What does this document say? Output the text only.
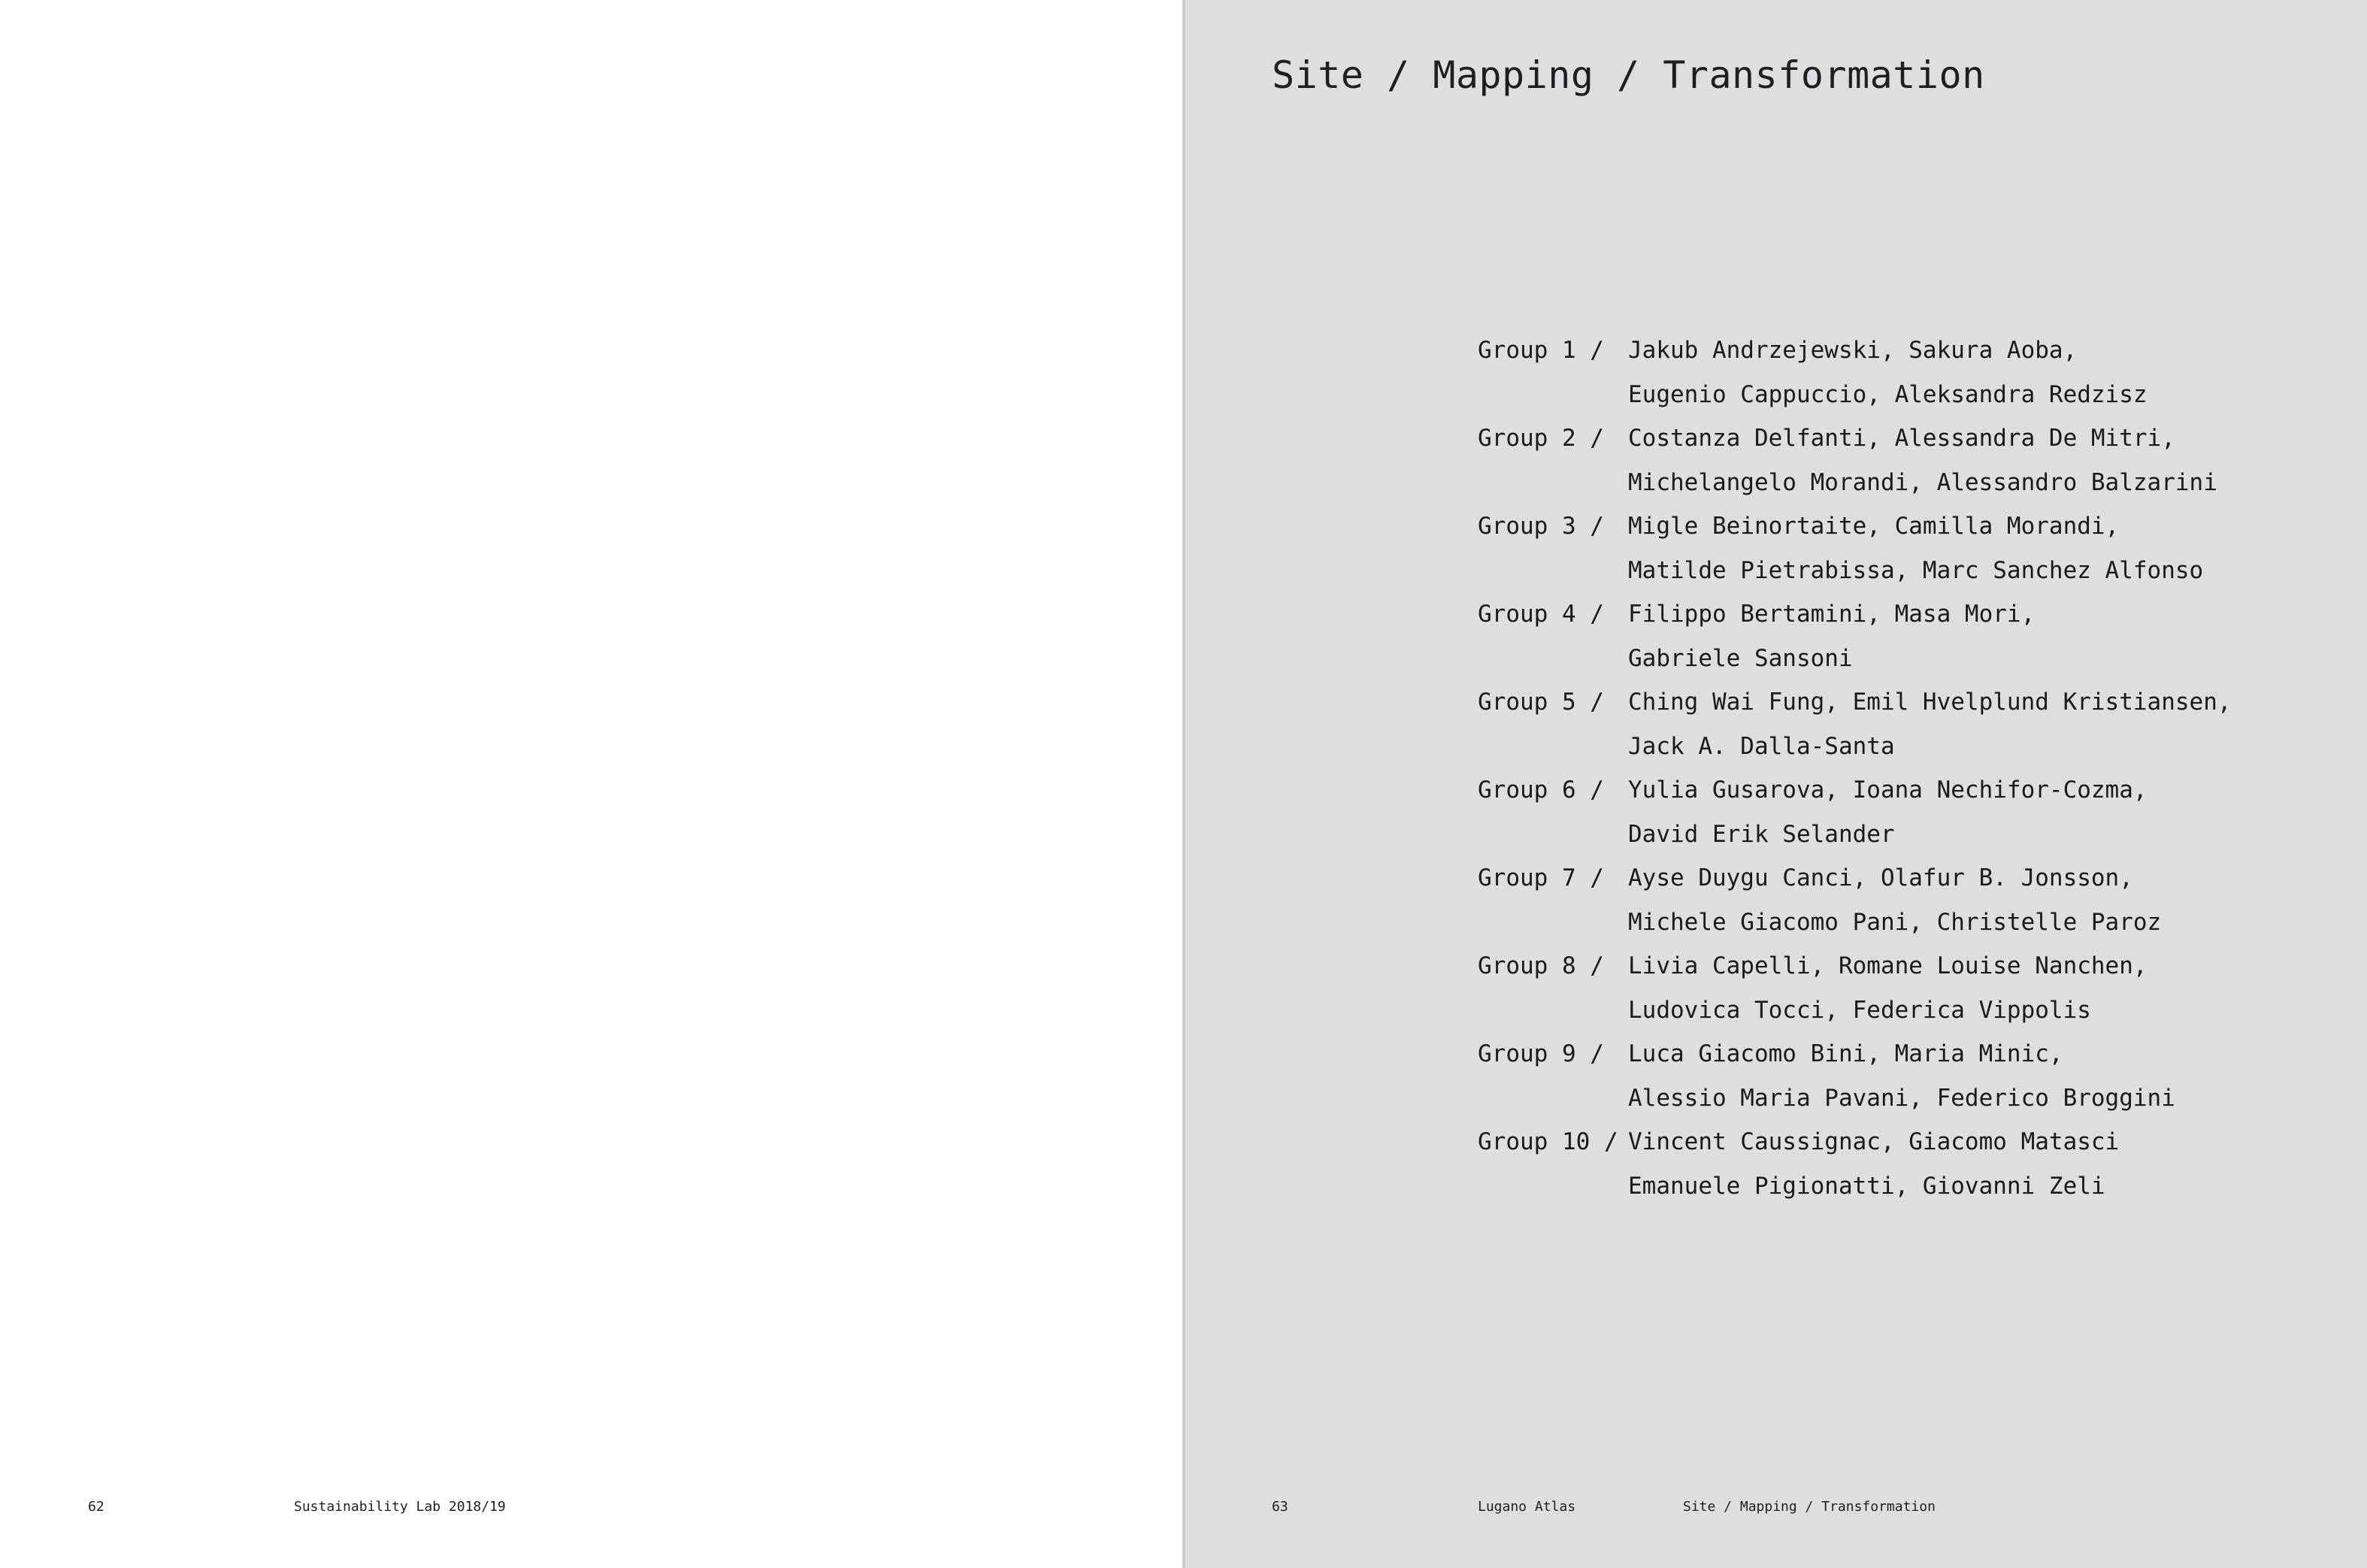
62	Sustainability Lab 2018/19
Site / Mapping / Transformation
Group 1 /	Jakub Andrzejewski, Sakura Aoba,
Eugenio Cappuccio, Aleksandra Redzisz
Group 2 /	Costanza Delfanti, Alessandra De Mitri,
Michelangelo Morandi, Alessandro Balzarini
Group 3 /	Migle Beinortaite, Camilla Morandi,
Matilde Pietrabissa, Marc Sanchez Alfonso
Group 4 /	Filippo Bertamini, Masa Mori,
Gabriele Sansoni
Group 5 /	Ching Wai Fung, Emil Hvelplund Kristiansen,
Jack A. Dalla-Santa
Group 6 /	Yulia Gusarova, Ioana Nechifor-Cozma,
David Erik Selander
Group 7 /	Ayse Duygu Canci, Olafur B. Jonsson,
Michele Giacomo Pani, Christelle Paroz
Group 8 /	Livia Capelli, Romane Louise Nanchen,
Ludovica Tocci, Federica Vippolis
Group 9 /	Luca Giacomo Bini, Maria Minic,
Alessio Maria Pavani, Federico Broggini
Group 10 / Vincent Caussignac, Giacomo Matasci
Emanuele Pigionatti, Giovanni Zeli
63	Lugano Atlas	Site / Mapping / Transformation
